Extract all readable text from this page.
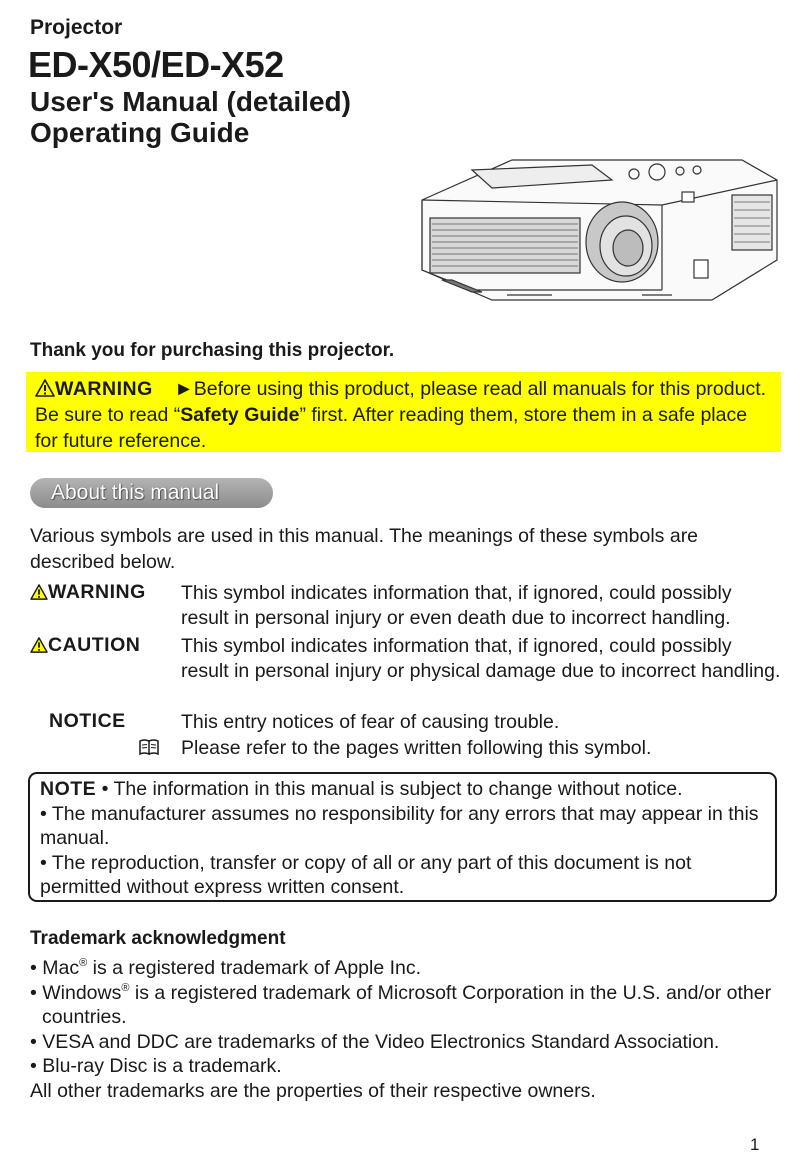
Projector
ED-X50/ED-X52
User's Manual (detailed)
Operating Guide
Thank you for purchasing this projector.
WARNING ►Before using this product, please read all manuals for this product. Be sure to read “Safety Guide” first. After reading them, store them in a safe place for future reference.
About this manual
Various symbols are used in this manual. The meanings of these symbols are described below.
WARNING This symbol indicates information that, if ignored, could possibly result in personal injury or even death due to incorrect handling.
CAUTION This symbol indicates information that, if ignored, could possibly result in personal injury or physical damage due to incorrect handling.
NOTICE	This entry notices of fear of causing trouble.
Please refer to the pages written following this symbol.
NOTE • The information in this manual is subject to change without notice.
• The manufacturer assumes no responsibility for any errors that may appear in this manual.
• The reproduction, transfer or copy of all or any part of this document is not permitted without express written consent.
Trademark acknowledgment
• Mac® is a registered trademark of Apple Inc.
• Windows® is a registered trademark of Microsoft Corporation in the U.S. and/or other countries.
• VESA and DDC are trademarks of the Video Electronics Standard Association.
• Blu-ray Disc is a trademark.
All other trademarks are the properties of their respective owners.
1
